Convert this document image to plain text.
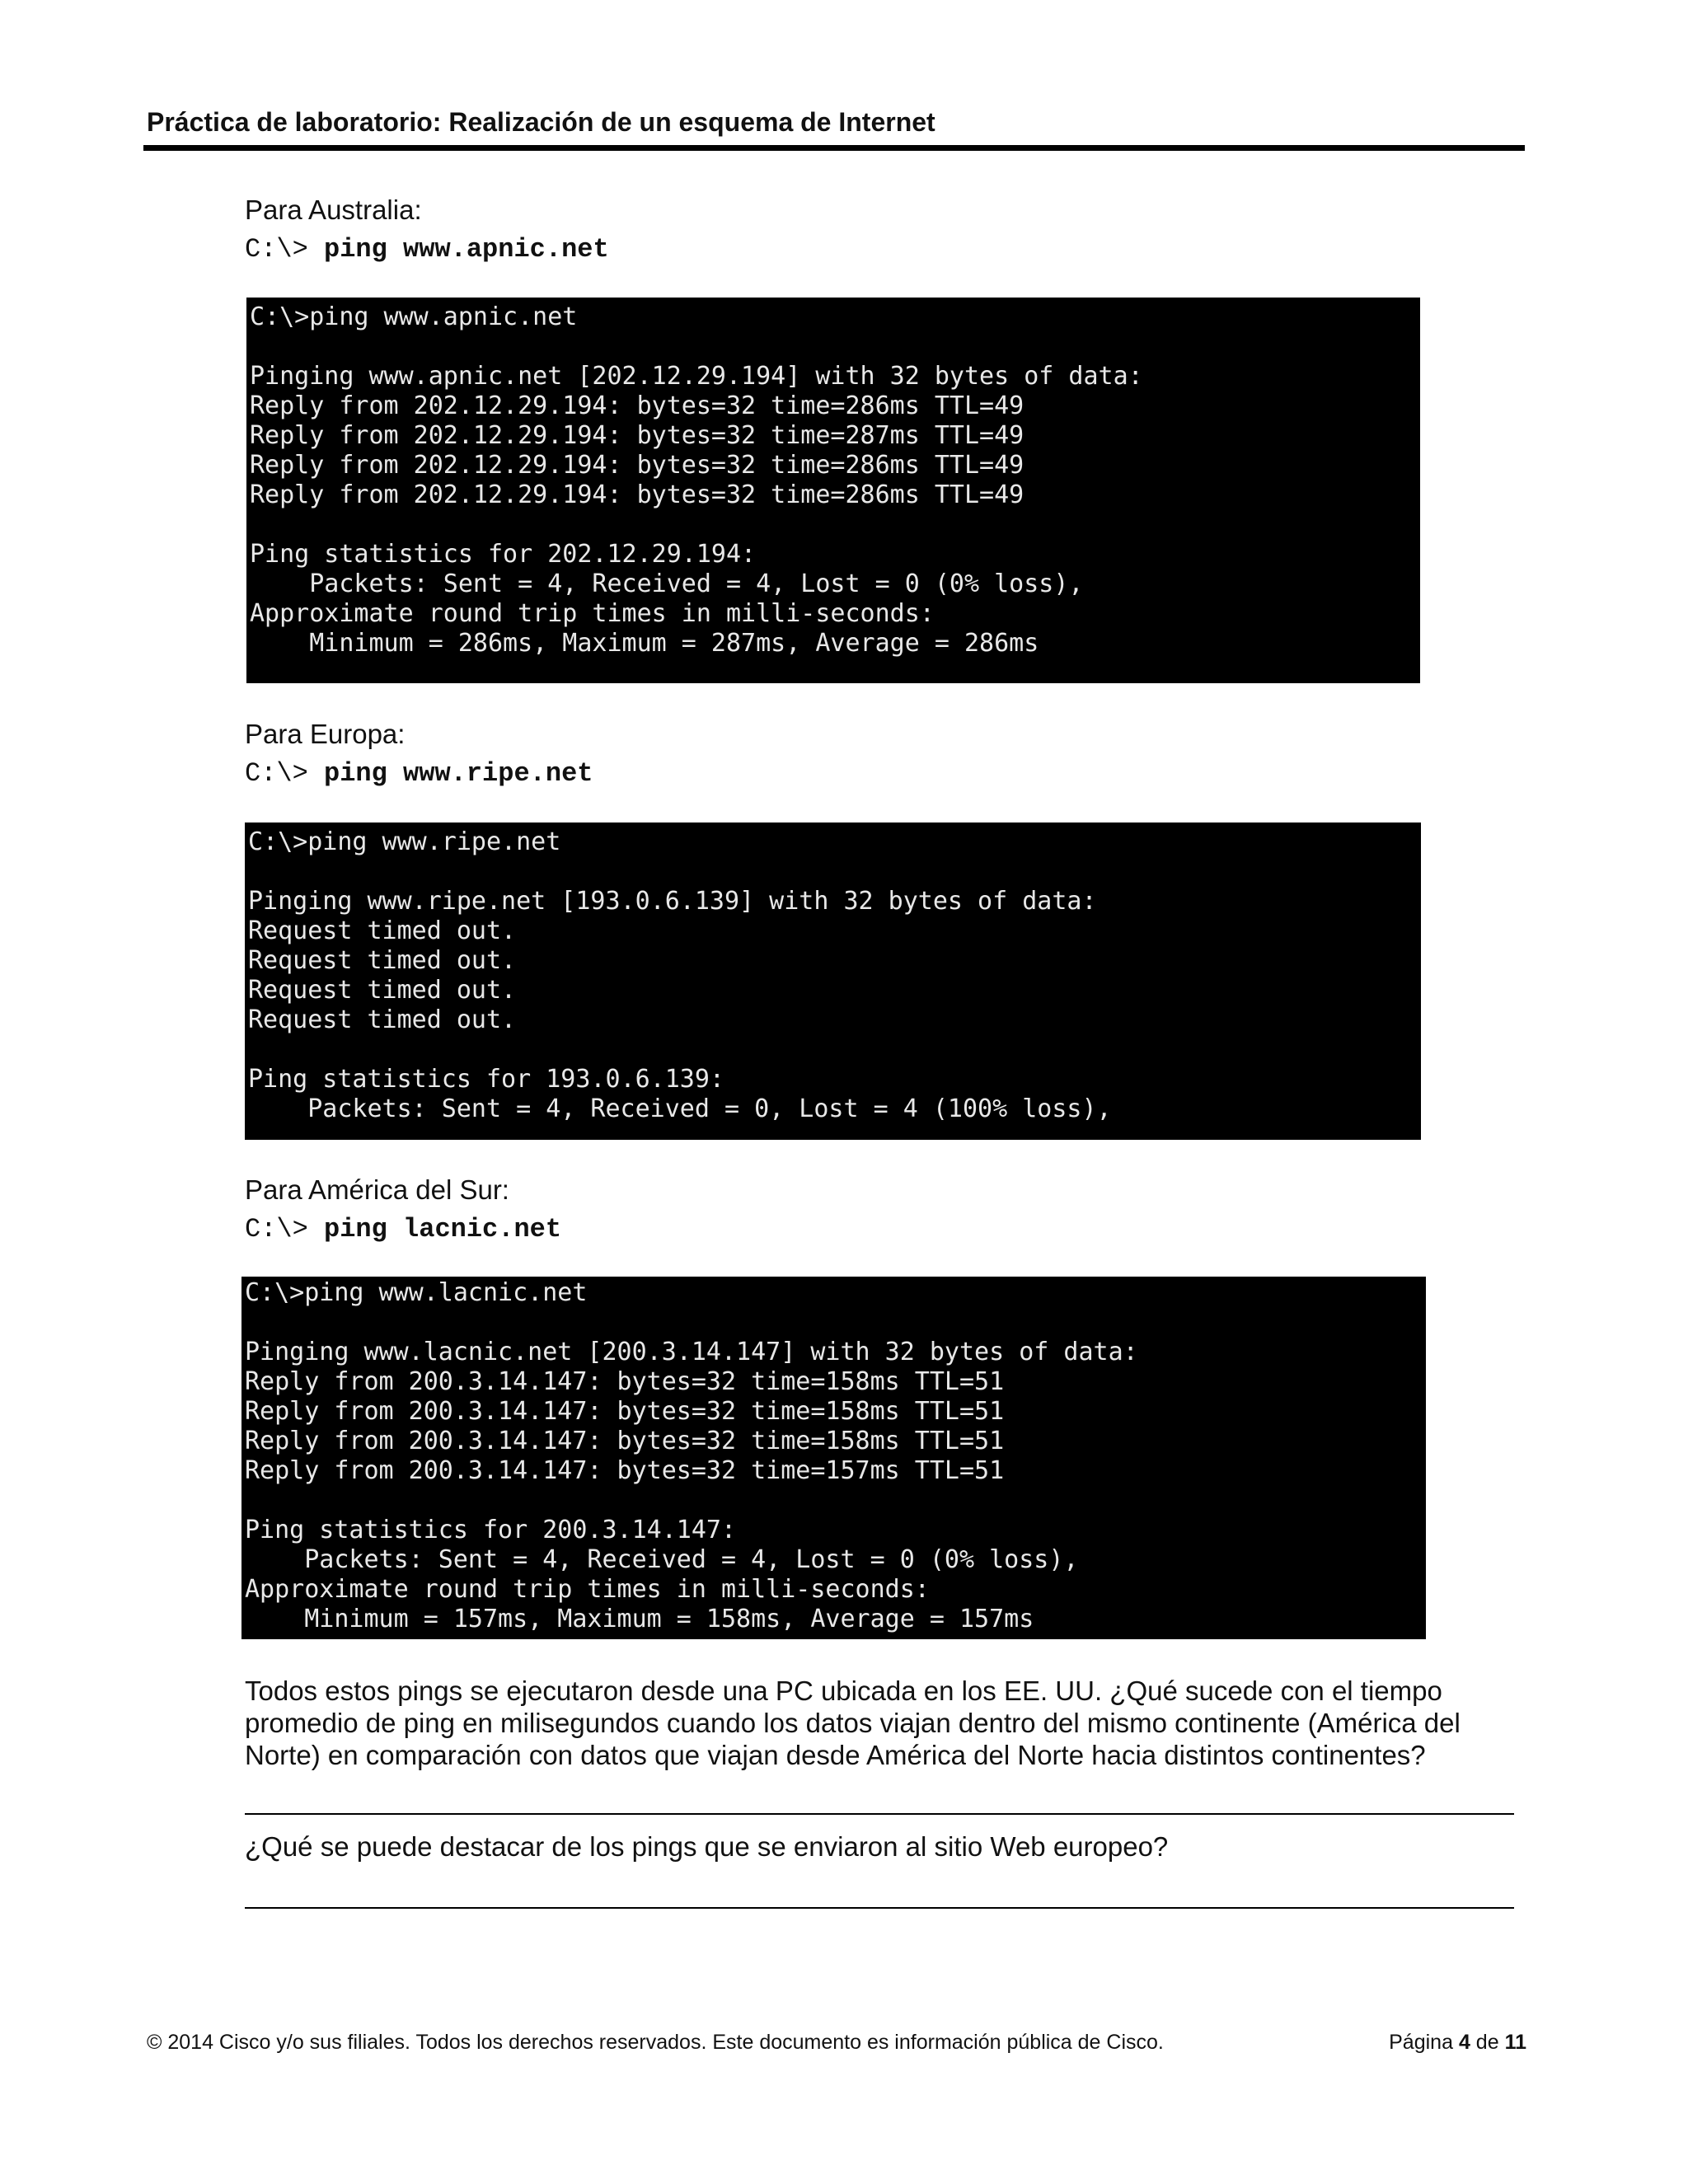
Práctica de laboratorio: Realización de un esquema de Internet
Para Australia:
C:\> ping www.apnic.net
C:\>ping www.apnic.net
Pinging www.apnic.net [202.12.29.194] with 32 bytes of data:
Reply from 202.12.29.194: bytes=32 time=286ms TTL=49
Reply from 202.12.29.194: bytes=32 time=287ms TTL=49
Reply from 202.12.29.194: bytes=32 time=286ms TTL=49
Reply from 202.12.29.194: bytes=32 time=286ms TTL=49
Ping statistics for 202.12.29.194:
Packets: Sent = 4, Received = 4, Lost = 0 (0% loss),
Approximate round trip times in milli-seconds:
Minimum = 286ms, Maximum = 287ms, Average = 286ms
Para Europa:
C:\> ping www.ripe.net
C:\>ping www.ripe.net
Pinging www.ripe.net [193.0.6.139] with 32 bytes of data:
Request timed out.
Request timed out.
Request timed out.
Request timed out.
Ping statistics for 193.0.6.139:
Packets: Sent = 4, Received = 0, Lost = 4 (100% loss),
Para América del Sur:
C:\> ping lacnic.net
C:\>ping www.lacnic.net
Pinging www.lacnic.net [200.3.14.147] with 32 bytes of data:
Reply from 200.3.14.147: bytes=32 time=158ms TTL=51
Reply from 200.3.14.147: bytes=32 time=158ms TTL=51
Reply from 200.3.14.147: bytes=32 time=158ms TTL=51
Reply from 200.3.14.147: bytes=32 time=157ms TTL=51
Ping statistics for 200.3.14.147:
Packets: Sent = 4, Received = 4, Lost = 0 (0% loss),
Approximate round trip times in milli-seconds:
Minimum = 157ms, Maximum = 158ms, Average = 157ms
Todos estos pings se ejecutaron desde una PC ubicada en los EE. UU. ¿Qué sucede con el tiempo promedio de ping en milisegundos cuando los datos viajan dentro del mismo continente (América del Norte) en comparación con datos que viajan desde América del Norte hacia distintos continentes?
¿Qué se puede destacar de los pings que se enviaron al sitio Web europeo?
© 2014 Cisco y/o sus filiales. Todos los derechos reservados. Este documento es información pública de Cisco.	Página 4 de 11
